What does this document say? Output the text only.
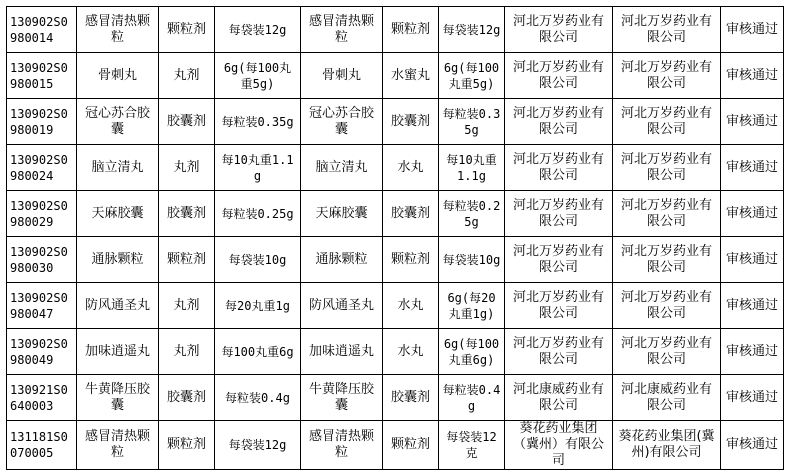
130902S0980014	感冒清热颗粒	颗粒剂	每袋装12g	感冒清热颗粒	颗粒剂	每袋装12g	河北万岁药业有限公司	河北万岁药业有限公司	审核通过
130902S0980015	骨刺丸	丸剂	6g(每100丸重5g)	骨刺丸	水蜜丸	6g(每100丸重5g)	河北万岁药业有限公司	河北万岁药业有限公司	审核通过
130902S0980019	冠心苏合胶囊	胶囊剂	每粒装0.35g	冠心苏合胶囊	胶囊剂	每粒装0.35g	河北万岁药业有限公司	河北万岁药业有限公司	审核通过
130902S0980024	脑立清丸	丸剂	每10丸重1.1g	脑立清丸	水丸	每10丸重1.1g	河北万岁药业有限公司	河北万岁药业有限公司	审核通过
130902S0980029	天麻胶囊	胶囊剂	每粒装0.25g	天麻胶囊	胶囊剂	每粒装0.25g	河北万岁药业有限公司	河北万岁药业有限公司	审核通过
130902S0980030	通脉颗粒	颗粒剂	每袋装10g	通脉颗粒	颗粒剂	每袋装10g	河北万岁药业有限公司	河北万岁药业有限公司	审核通过
130902S0980047	防风通圣丸	丸剂	每20丸重1g	防风通圣丸	水丸	6g(每20丸重1g)	河北万岁药业有限公司	河北万岁药业有限公司	审核通过
130902S0980049	加味逍遥丸	丸剂	每100丸重6g	加味逍遥丸	水丸	6g(每100丸重6g)	河北万岁药业有限公司	河北万岁药业有限公司	审核通过
130921S0640003	牛黄降压胶囊	胶囊剂	每粒装0.4g	牛黄降压胶囊	胶囊剂	每粒装0.4g	河北康威药业有限公司	河北康威药业有限公司	审核通过
131181S0070005	感冒清热颗粒	颗粒剂	每袋装12g	感冒清热颗粒	颗粒剂	每袋装12克	葵花药业集团（冀州）有限公司	葵花药业集团(冀州)有限公司	审核通过
